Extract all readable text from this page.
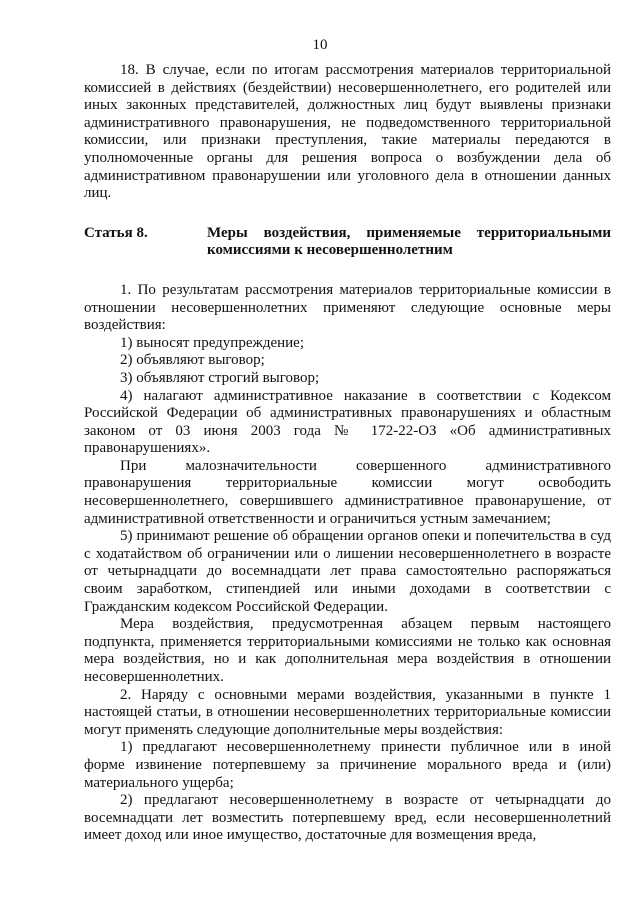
10

18. В случае, если по итогам рассмотрения материалов территориальной комиссией в действиях (бездействии) несовершеннолетнего, его родителей или иных законных представителей, должностных лиц будут выявлены признаки административного правонарушения, не подведомственного территориальной комиссии, или признаки преступления, такие материалы передаются в уполномоченные органы для решения вопроса о возбуждении дела об административном правонарушении или уголовного дела в отношении данных лиц.

Статья 8.	Меры воздействия, применяемые территориальными комиссиями к несовершеннолетним

1. По результатам рассмотрения материалов территориальные комиссии в отношении несовершеннолетних применяют следующие основные меры воздействия:

1) выносят предупреждение;

2) объявляют выговор;

3) объявляют строгий выговор;

4) налагают административное наказание в соответствии с Кодексом Российской Федерации об административных правонарушениях и областным законом от 03 июня 2003 года № 172-22-ОЗ «Об административных правонарушениях».

При малозначительности совершенного административного правонарушения территориальные комиссии могут освободить несовершеннолетнего, совершившего административное правонарушение, от административной ответственности и ограничиться устным замечанием;

5) принимают решение об обращении органов опеки и попечительства в суд с ходатайством об ограничении или о лишении несовершеннолетнего в возрасте от четырнадцати до восемнадцати лет права самостоятельно распоряжаться своим заработком, стипендией или иными доходами в соответствии с Гражданским кодексом Российской Федерации.

Мера воздействия, предусмотренная абзацем первым настоящего подпункта, применяется территориальными комиссиями не только как основная мера воздействия, но и как дополнительная мера воздействия в отношении несовершеннолетних.

2. Наряду с основными мерами воздействия, указанными в пункте 1 настоящей статьи, в отношении несовершеннолетних территориальные комиссии могут применять следующие дополнительные меры воздействия:

1) предлагают несовершеннолетнему принести публичное или в иной форме извинение потерпевшему за причинение морального вреда и (или) материального ущерба;

2) предлагают несовершеннолетнему в возрасте от четырнадцати до восемнадцати лет возместить потерпевшему вред, если несовершеннолетний имеет доход или иное имущество, достаточные для возмещения вреда,
